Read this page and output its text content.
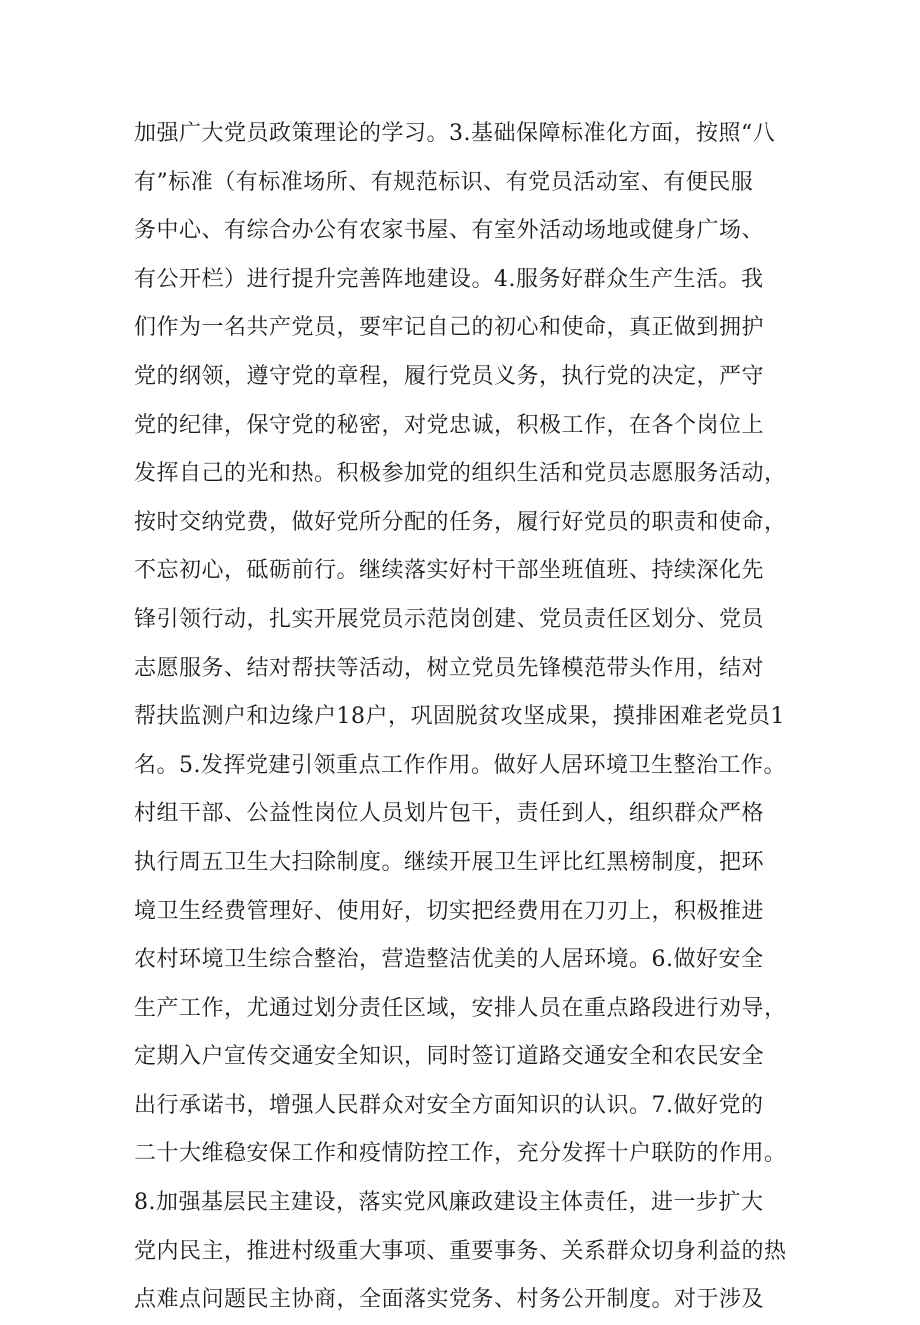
加强广大党员政策理论的学习。3.基础保障标准化方面，按照“八
有”标准（有标准场所、有规范标识、有党员活动室、有便民服
务中心、有综合办公有农家书屋、有室外活动场地或健身广场、
有公开栏）进行提升完善阵地建设。4.服务好群众生产生活。我
们作为一名共产党员，要牢记自己的初心和使命，真正做到拥护
党的纲领，遵守党的章程，履行党员义务，执行党的决定，严守
党的纪律，保守党的秘密，对党忠诚，积极工作，在各个岗位上
发挥自己的光和热。积极参加党的组织生活和党员志愿服务活动，
按时交纳党费，做好党所分配的任务，履行好党员的职责和使命，
不忘初心，砥砺前行。继续落实好村干部坐班值班、持续深化先
锋引领行动，扎实开展党员示范岗创建、党员责任区划分、党员
志愿服务、结对帮扶等活动，树立党员先锋模范带头作用，结对
帮扶监测户和边缘户18户，巩固脱贫攻坚成果，摸排困难老党员1
名。5.发挥党建引领重点工作作用。做好人居环境卫生整治工作。
村组干部、公益性岗位人员划片包干，责任到人，组织群众严格
执行周五卫生大扫除制度。继续开展卫生评比红黑榜制度，把环
境卫生经费管理好、使用好，切实把经费用在刀刃上，积极推进
农村环境卫生综合整治，营造整洁优美的人居环境。6.做好安全
生产工作，尤通过划分责任区域，安排人员在重点路段进行劝导，
定期入户宣传交通安全知识，同时签订道路交通安全和农民安全
出行承诺书，增强人民群众对安全方面知识的认识。7.做好党的
二十大维稳安保工作和疫情防控工作，充分发挥十户联防的作用。
8.加强基层民主建设，落实党风廉政建设主体责任，进一步扩大
党内民主，推进村级重大事项、重要事务、关系群众切身利益的热
点难点问题民主协商，全面落实党务、村务公开制度。对于涉及
